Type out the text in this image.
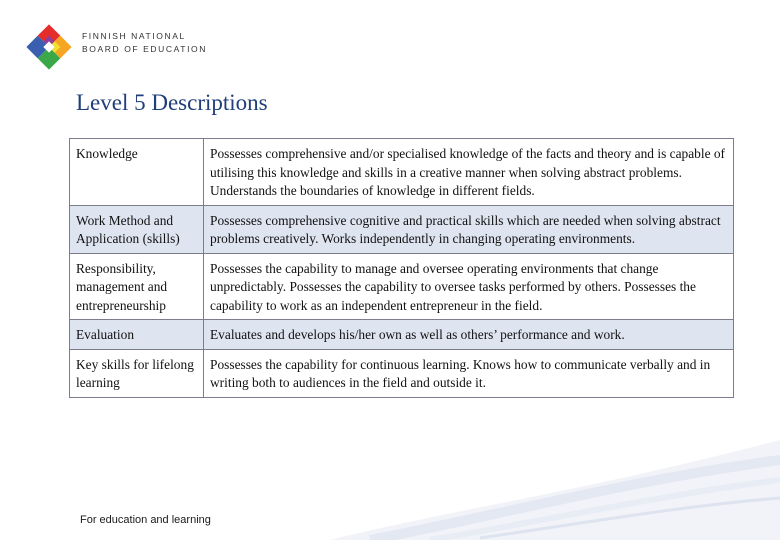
FINNISH NATIONAL
BOARD OF EDUCATION
Level 5 Descriptions
Knowledge	Possesses comprehensive and/or specialised knowledge of the facts and theory and is capable of utilising this knowledge and skills in a creative manner when solving abstract problems. Understands the boundaries of knowledge in different fields.
Work Method and Application (skills)	Possesses comprehensive cognitive and practical skills which are needed when solving abstract problems creatively. Works independently in changing operating environments.
Responsibility, management and entrepreneurship	Possesses the capability to manage and oversee operating environments that change unpredictably. Possesses the capability to oversee tasks performed by others. Possesses the capability to work as an independent entrepreneur in the field.
Evaluation	Evaluates and develops his/her own as well as others’ performance and work.
Key skills for lifelong learning	Possesses the capability for continuous learning. Knows how to communicate verbally and in writing both to audiences in the field and outside it.
For education and learning
